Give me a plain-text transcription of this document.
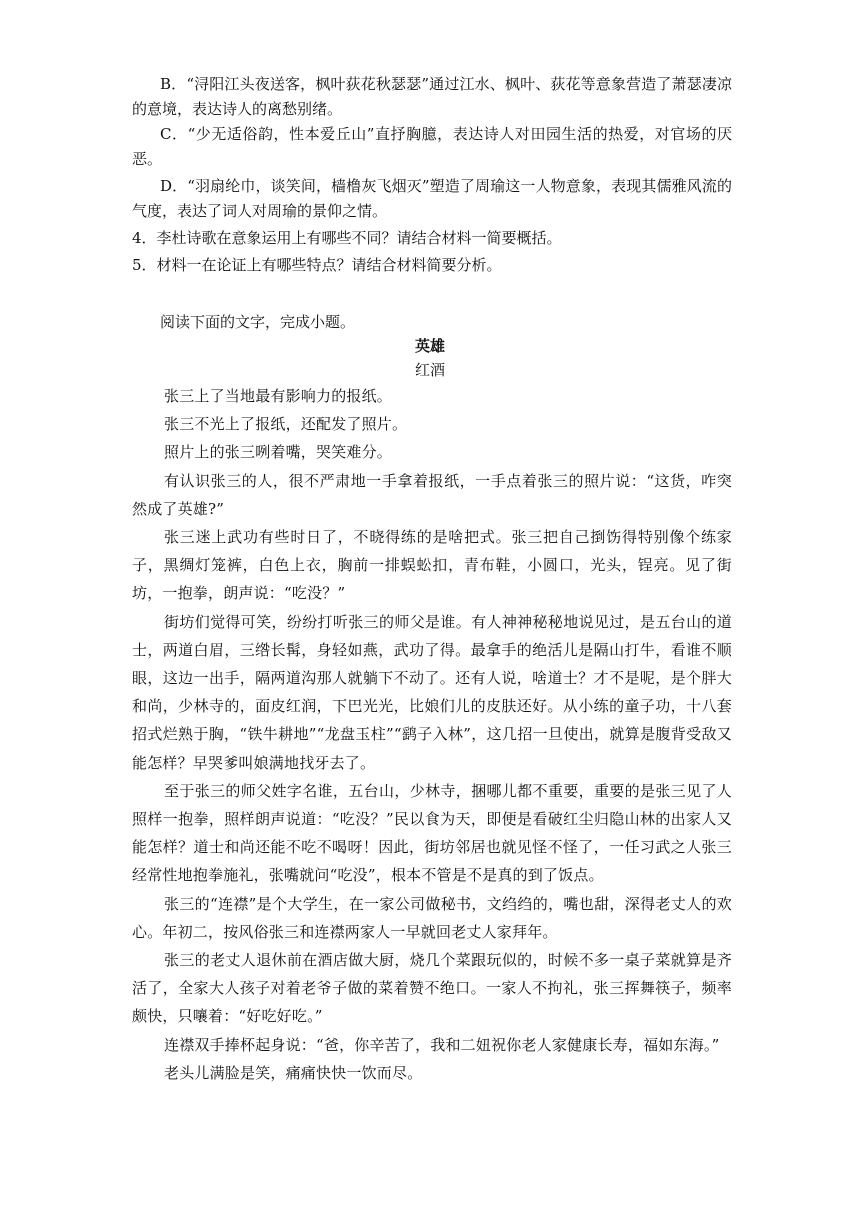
B．“浔阳江头夜送客，枫叶荻花秋瑟瑟”通过江水、枫叶、荻花等意象营造了萧瑟凄凉的意境，表达诗人的离愁别绪。

C．“少无适俗韵，性本爱丘山”直抒胸臆，表达诗人对田园生活的热爱，对官场的厌恶。

D．“羽扇纶巾，谈笑间，樯橹灰飞烟灭”塑造了周瑜这一人物意象，表现其儒雅风流的气度，表达了词人对周瑜的景仰之情。

4．李杜诗歌在意象运用上有哪些不同？请结合材料一简要概括。

5．材料一在论证上有哪些特点？请结合材料简要分析。

阅读下面的文字，完成小题。

英雄

红酒

张三上了当地最有影响力的报纸。

张三不光上了报纸，还配发了照片。

照片上的张三咧着嘴，哭笑难分。

有认识张三的人，很不严肃地一手拿着报纸，一手点着张三的照片说：“这货，咋突然成了英雄?”

张三迷上武功有些时日了，不晓得练的是啥把式。张三把自己捯饬得特别像个练家子，黑绸灯笼裤，白色上衣，胸前一排蜈蚣扣，青布鞋，小圆口，光头，锃亮。见了街坊，一抱拳，朗声说：“吃没？”

街坊们觉得可笑，纷纷打听张三的师父是谁。有人神神秘秘地说见过，是五台山的道士，两道白眉，三绺长髯，身轻如燕，武功了得。最拿手的绝活儿是隔山打牛，看谁不顺眼，这边一出手，隔两道沟那人就躺下不动了。还有人说，啥道士？才不是呢，是个胖大和尚，少林寺的，面皮红润，下巴光光，比娘们儿的皮肤还好。从小练的童子功，十八套招式烂熟于胸，“铁牛耕地”“龙盘玉柱”“鹞子入林”，这几招一旦使出，就算是腹背受敌又能怎样？早哭爹叫娘满地找牙去了。

至于张三的师父姓字名谁，五台山，少林寺，捆哪儿都不重要，重要的是张三见了人照样一抱拳，照样朗声说道：“吃没？”民以食为天，即便是看破红尘归隐山林的出家人又能怎样？道士和尚还能不吃不喝呀！因此，街坊邻居也就见怪不怪了，一任习武之人张三经常性地抱拳施礼，张嘴就问“吃没”，根本不管是不是真的到了饭点。

张三的“连襟”是个大学生，在一家公司做秘书，文绉绉的，嘴也甜，深得老丈人的欢心。年初二，按风俗张三和连襟两家人一早就回老丈人家拜年。

张三的老丈人退休前在酒店做大厨，烧几个菜跟玩似的，时候不多一桌子菜就算是齐活了，全家大人孩子对着老爷子做的菜着赞不绝口。一家人不拘礼，张三挥舞筷子，频率颇快，只嚷着：“好吃好吃。”

连襟双手捧杯起身说：“爸，你辛苦了，我和二妞祝你老人家健康长寿，福如东海。”

老头儿满脸是笑，痛痛快快一饮而尽。
